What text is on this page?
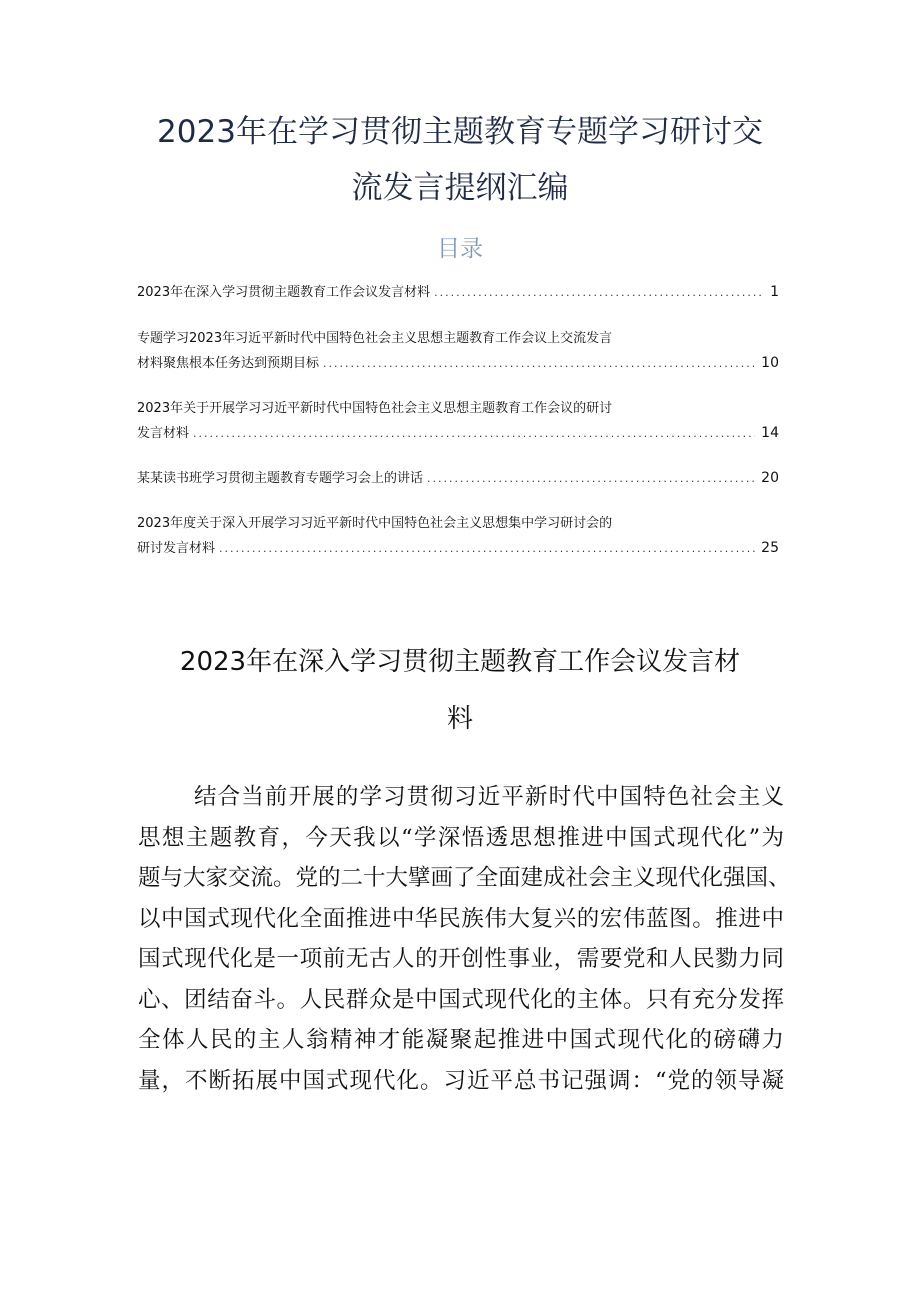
2023年在学习贯彻主题教育专题学习研讨交
流发言提纲汇编
目录
2023年在深入学习贯彻主题教育工作会议发言材料 .....	1
专题学习2023年习近平新时代中国特色社会主义思想主题教育工作会议上交流发言
材料聚焦根本任务达到预期目标 .....	10
2023年关于开展学习习近平新时代中国特色社会主义思想主题教育工作会议的研讨
发言材料 .....	14
某某读书班学习贯彻主题教育专题学习会上的讲话 .....	20
2023年度关于深入开展学习习近平新时代中国特色社会主义思想集中学习研讨会的
研讨发言材料 .....	25
2023年在深入学习贯彻主题教育工作会议发言材
料
结合当前开展的学习贯彻习近平新时代中国特色社会主义
思想主题教育，今天我以“学深悟透思想推进中国式现代化”为
题与大家交流。党的二十大擘画了全面建成社会主义现代化强国、
以中国式现代化全面推进中华民族伟大复兴的宏伟蓝图。推进中
国式现代化是一项前无古人的开创性事业，需要党和人民勠力同
心、团结奋斗。人民群众是中国式现代化的主体。只有充分发挥
全体人民的主人翁精神才能凝聚起推进中国式现代化的磅礴力
量，不断拓展中国式现代化。习近平总书记强调：“党的领导凝
